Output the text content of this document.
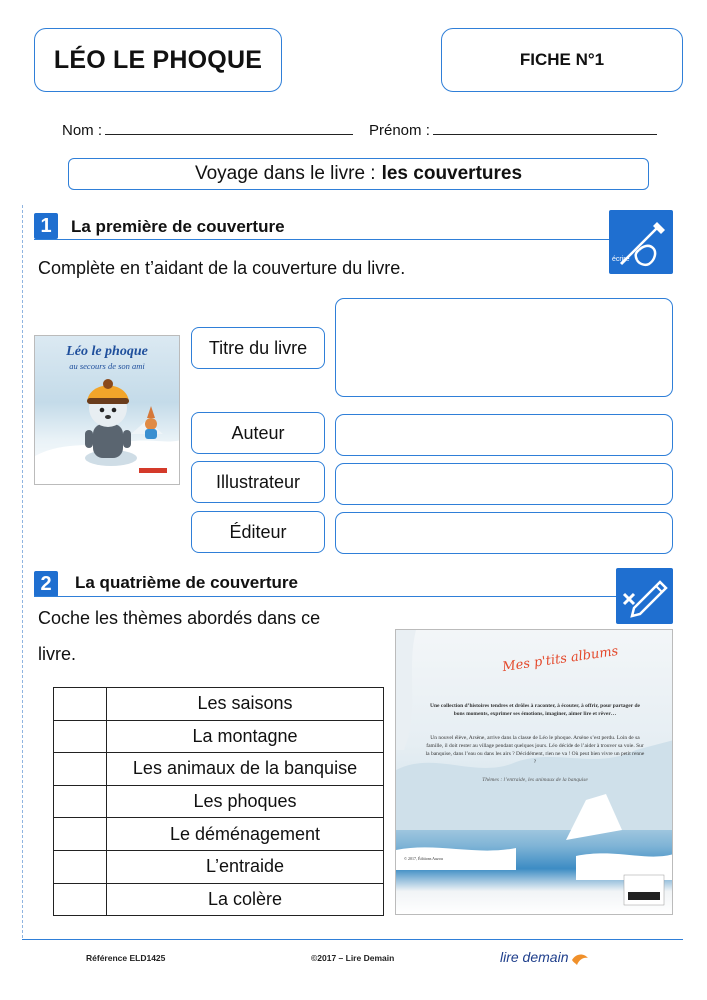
LÉO LE PHOQUE	FICHE N°1
Nom :	Prénom :
Voyage dans le livre : les couvertures
1	La première de couverture
écrire
Complète en t’aidant de la couverture du livre.
Léo le phoque
au secours de son ami
Titre du livre
Auteur
Illustrateur
Éditeur
2	La quatrième de couverture
Coche les thèmes abordés dans ce
livre.
	Les saisons
	La montagne
	Les animaux de la banquise
	Les phoques
	Le déménagement
	L’entraide
	La colère
Mes p'tits albums
Une collection d’histoires tendres et drôles à raconter, à écouter, à offrir, pour partager de bons moments, exprimer ses émotions, imaginer, aimer lire et rêver…
Un nouvel élève, Arsène, arrive dans la classe de Léo le phoque. Arsène s’est perdu. Loin de sa famille, il doit rester au village pendant quelques jours. Léo décide de l’aider à trouver sa voie. Sur la banquise, dans l’eau ou dans les airs ? Décidément, rien ne va ! Où peut bien vivre un petit renne ?
Thèmes : l’entraide, les animaux de la banquise
© 2017, Éditions Auzou
Référence ELD1425	©2017 – Lire Demain	lire demain
